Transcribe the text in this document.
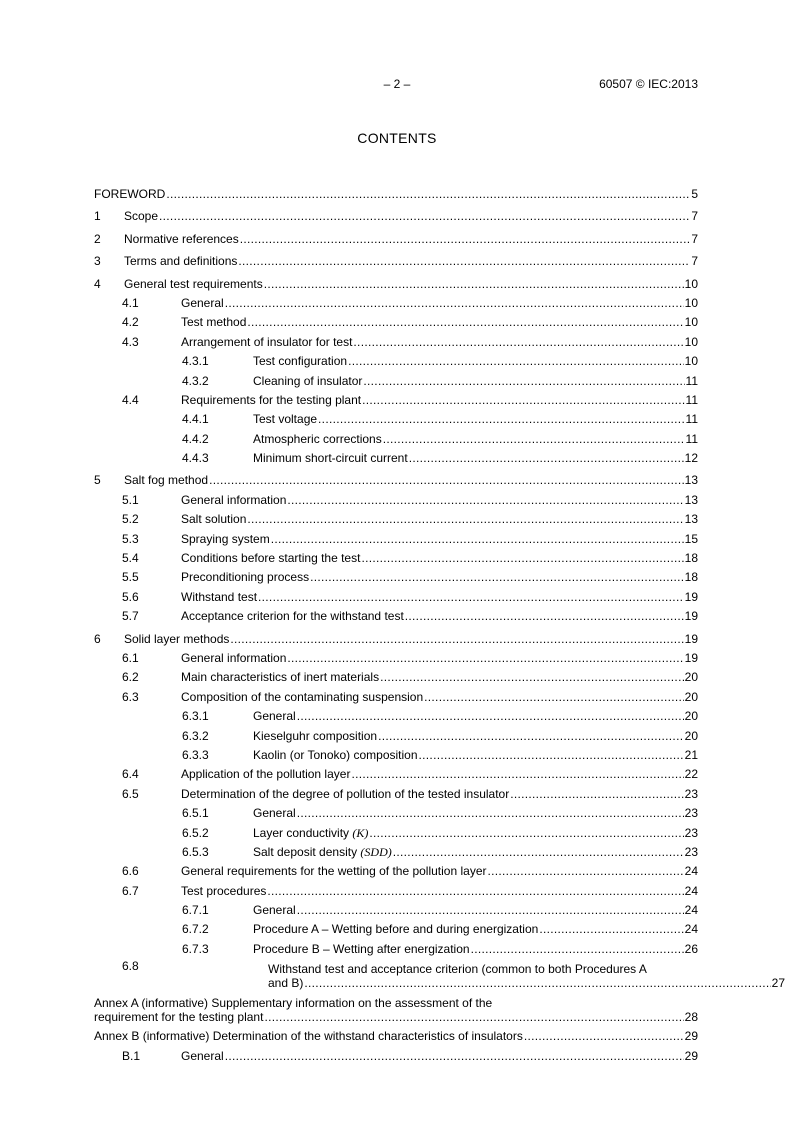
– 2 –	60507 © IEC:2013
CONTENTS
FOREWORD .....	5
1 Scope .....	7
2 Normative references .....	7
3 Terms and definitions .....	7
4 General test requirements .....	10
4.1	General .....	10
4.2	Test method .....	10
4.3	Arrangement of insulator for test .....	10
4.3.1	Test configuration .....	10
4.3.2	Cleaning of insulator .....	11
4.4	Requirements for the testing plant .....	11
4.4.1	Test voltage .....	11
4.4.2	Atmospheric corrections .....	11
4.4.3	Minimum short-circuit current .....	12
5 Salt fog method .....	13
5.1	General information .....	13
5.2	Salt solution .....	13
5.3	Spraying system .....	15
5.4	Conditions before starting the test .....	18
5.5	Preconditioning process .....	18
5.6	Withstand test .....	19
5.7	Acceptance criterion for the withstand test .....	19
6 Solid layer methods .....	19
6.1	General information .....	19
6.2	Main characteristics of inert materials .....	20
6.3	Composition of the contaminating suspension .....	20
6.3.1	General .....	20
6.3.2	Kieselguhr composition .....	20
6.3.3	Kaolin (or Tonoko) composition .....	21
6.4	Application of the pollution layer .....	22
6.5	Determination of the degree of pollution of the tested insulator .....	23
6.5.1	General .....	23
6.5.2	Layer conductivity (K) .....	23
6.5.3	Salt deposit density (SDD) .....	23
6.6	General requirements for the wetting of the pollution layer .....	24
6.7	Test procedures .....	24
6.7.1	General .....	24
6.7.2	Procedure A – Wetting before and during energization .....	24
6.7.3	Procedure B – Wetting after energization .....	26
6.8	Withstand test and acceptance criterion (common to both Procedures A
and B) .....	27
Annex A (informative) Supplementary information on the assessment of the
requirement for the testing plant .....	28
Annex B (informative) Determination of the withstand characteristics of insulators .....	29
B.1	General .....	29
